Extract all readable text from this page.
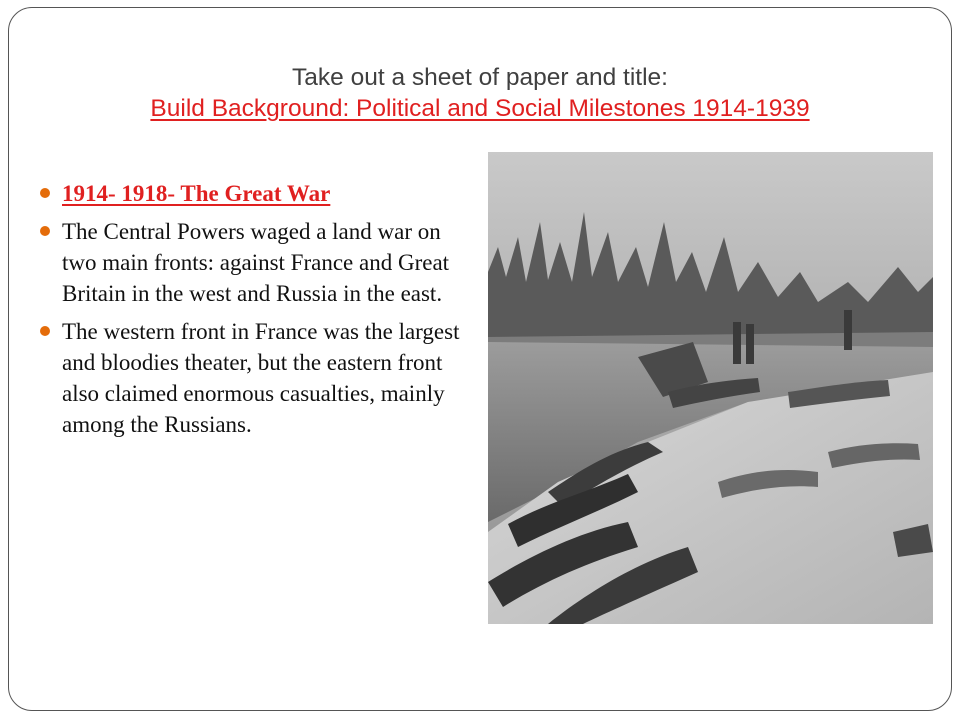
Take out a sheet of paper and title:
Build Background: Political and Social Milestones 1914-1939
1914- 1918- The Great War
The Central Powers waged a land war on two main fronts: against France and Great Britain in the west and Russia in the east.
The western front in France was the largest and bloodies theater, but the eastern front also claimed enormous casualties, mainly among the Russians.
